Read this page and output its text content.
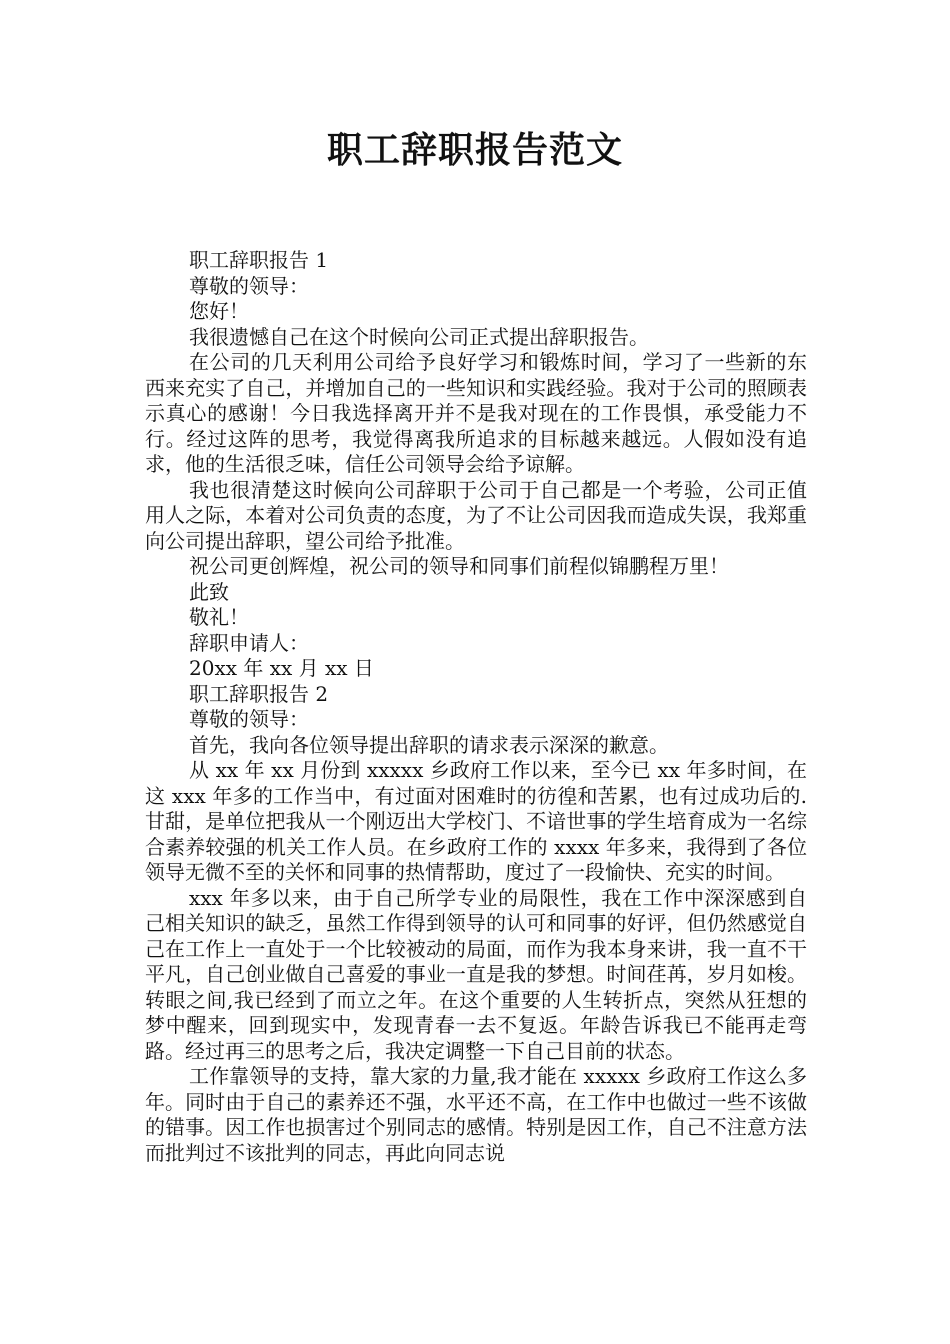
职工辞职报告范文

职工辞职报告 1

尊敬的领导：

您好！

我很遗憾自己在这个时候向公司正式提出辞职报告。

在公司的几天利用公司给予良好学习和锻炼时间，学习了一些新的东西来充实了自己，并增加自己的一些知识和实践经验。我对于公司的照顾表示真心的感谢！今日我选择离开并不是我对现在的工作畏惧，承受能力不行。经过这阵的思考，我觉得离我所追求的目标越来越远。人假如没有追求，他的生活很乏味，信任公司领导会给予谅解。

我也很清楚这时候向公司辞职于公司于自己都是一个考验，公司正值用人之际，本着对公司负责的态度，为了不让公司因我而造成失误，我郑重向公司提出辞职，望公司给予批准。

祝公司更创辉煌，祝公司的领导和同事们前程似锦鹏程万里！

此致

敬礼！

辞职申请人：

20xx 年 xx 月 xx 日

职工辞职报告 2

尊敬的领导：

首先，我向各位领导提出辞职的请求表示深深的歉意。

从 xx 年 xx 月份到 xxxxx 乡政府工作以来，至今已 xx 年多时间，在这 xxx 年多的工作当中，有过面对困难时的彷徨和苦累，也有过成功后的.甘甜，是单位把我从一个刚迈出大学校门、不谙世事的学生培育成为一名综合素养较强的机关工作人员。在乡政府工作的 xxxx 年多来，我得到了各位领导无微不至的关怀和同事的热情帮助，度过了一段愉快、充实的时间。

xxx 年多以来，由于自己所学专业的局限性，我在工作中深深感到自己相关知识的缺乏，虽然工作得到领导的认可和同事的好评，但仍然感觉自己在工作上一直处于一个比较被动的局面，而作为我本身来讲，我一直不干平凡，自己创业做自己喜爱的事业一直是我的梦想。时间荏苒，岁月如梭。转眼之间,我已经到了而立之年。在这个重要的人生转折点，突然从狂想的梦中醒来，回到现实中，发现青春一去不复返。年龄告诉我已不能再走弯路。经过再三的思考之后，我决定调整一下自己目前的状态。

工作靠领导的支持，靠大家的力量,我才能在 xxxxx 乡政府工作这么多年。同时由于自己的素养还不强，水平还不高，在工作中也做过一些不该做的错事。因工作也损害过个别同志的感情。特别是因工作，自己不注意方法而批判过不该批判的同志，再此向同志说
